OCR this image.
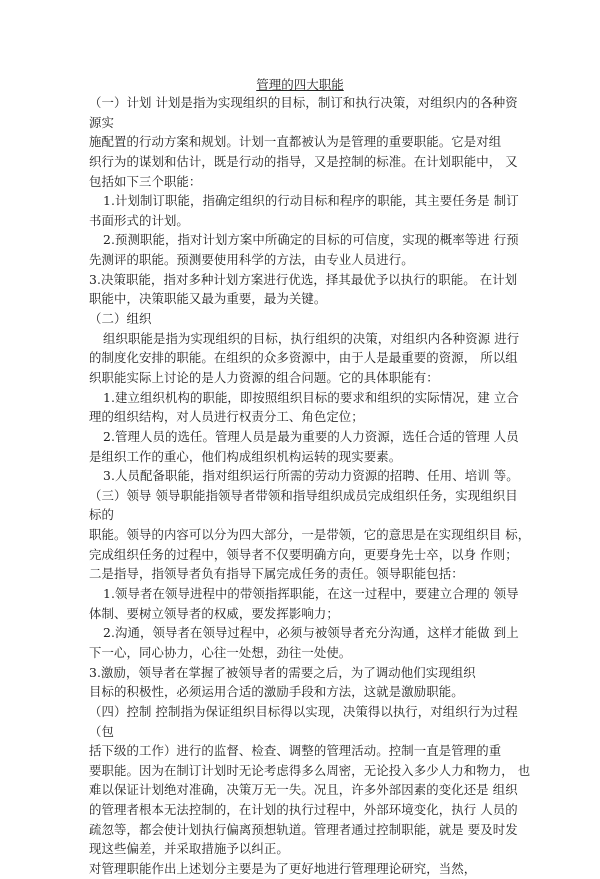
管理的四大职能
（一）计划 计划是指为实现组织的目标，制订和执行决策，对组织内的各种资
源实
施配置的行动方案和规划。计划一直都被认为是管理的重要职能。它是对组
织行为的谋划和估计，既是行动的指导，又是控制的标准。在计划职能中， 又
包括如下三个职能：
1.计划制订职能，指确定组织的行动目标和程序的职能，其主要任务是 制订
书面形式的计划。
2.预测职能，指对计划方案中所确定的目标的可信度，实现的概率等进 行预
先测评的职能。预测要使用科学的方法，由专业人员进行。
3.决策职能，指对多种计划方案进行优选，择其最优予以执行的职能。 在计划
职能中，决策职能又最为重要，最为关键。
（二）组织
组织职能是指为实现组织的目标，执行组织的决策，对组织内各种资源 进行
的制度化安排的职能。在组织的众多资源中，由于人是最重要的资源， 所以组
织职能实际上讨论的是人力资源的组合问题。它的具体职能有：
1.建立组织机构的职能，即按照组织目标的要求和组织的实际情况，建 立合
理的组织结构，对人员进行权责分工、角色定位；
2.管理人员的选任。管理人员是最为重要的人力资源，选任合适的管理 人员
是组织工作的重心，他们构成组织机构运转的现实要素。
3.人员配备职能，指对组织运行所需的劳动力资源的招聘、任用、培训 等。
（三）领导 领导职能指领导者带领和指导组织成员完成组织任务，实现组织目
标的
职能。领导的内容可以分为四大部分，一是带领，它的意思是在实现组织目 标，
完成组织任务的过程中，领导者不仅要明确方向，更要身先士卒，以身 作则；
二是指导，指领导者负有指导下属完成任务的责任。领导职能包括：
1.领导者在领导进程中的带领指挥职能，在这一过程中，要建立合理的 领导
体制、要树立领导者的权威，要发挥影响力；
2.沟通，领导者在领导过程中，必须与被领导者充分沟通，这样才能做 到上
下一心，同心协力，心往一处想，劲往一处使。
3.激励，领导者在掌握了被领导者的需要之后，为了调动他们实现组织
目标的积极性，必须运用合适的激励手段和方法，这就是激励职能。
（四）控制 控制指为保证组织目标得以实现，决策得以执行，对组织行为过程
（包
括下级的工作）进行的监督、检查、调整的管理活动。控制一直是管理的重
要职能。因为在制订计划时无论考虑得多么周密，无论投入多少人力和物力， 也
难以保证计划绝对准确，决策万无一失。况且，许多外部因素的变化还是 组织
的管理者根本无法控制的，在计划的执行过程中，外部环境变化，执行 人员的
疏忽等，都会使计划执行偏离预想轨道。管理者通过控制职能，就是 要及时发
现这些偏差，并采取措施予以纠正。
对管理职能作出上述划分主要是为了更好地进行管理理论研究，当然，
